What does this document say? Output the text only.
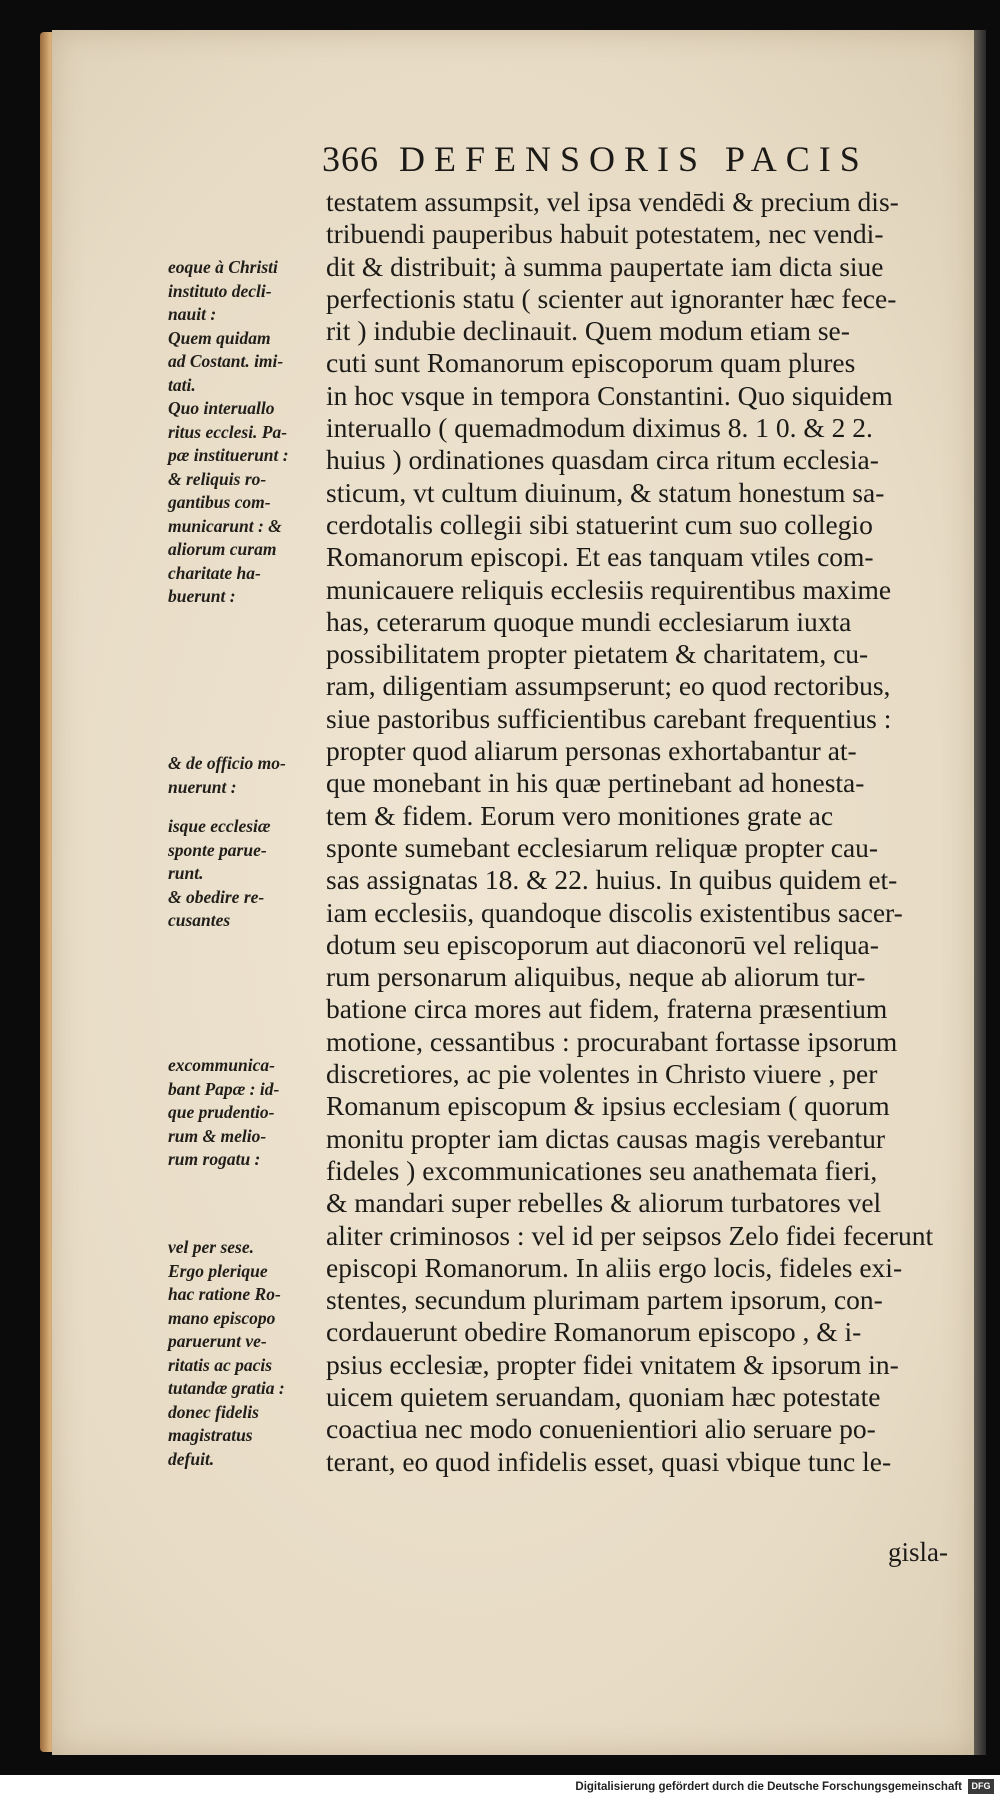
366 DEFENSORIS PACIS
testatem assumpsit, vel ipsa vendēdi & precium dis-
tribuendi pauperibus habuit potestatem, nec vendi-
dit & distribuit; à summa paupertate iam dicta siue
perfectionis statu ( scienter aut ignoranter hæc fece-
rit ) indubie declinauit. Quem modum etiam se-
cuti sunt Romanorum episcoporum quam plures
in hoc vsque in tempora Constantini. Quo siquidem
interuallo ( quemadmodum diximus 8. 1 0. & 2 2.
huius ) ordinationes quasdam circa ritum ecclesia-
sticum, vt cultum diuinum, & statum honestum sa-
cerdotalis collegii sibi statuerint cum suo collegio
Romanorum episcopi. Et eas tanquam vtiles com-
municauere reliquis ecclesiis requirentibus maxime
has, ceterarum quoque mundi ecclesiarum iuxta
possibilitatem propter pietatem & charitatem, cu-
ram, diligentiam assumpserunt; eo quod rectoribus,
siue pastoribus sufficientibus carebant frequentius :
propter quod aliarum personas exhortabantur at-
que monebant in his quæ pertinebant ad honesta-
tem & fidem. Eorum vero monitiones grate ac
sponte sumebant ecclesiarum reliquæ propter cau-
sas assignatas 18. & 22. huius. In quibus quidem et-
iam ecclesiis, quandoque discolis existentibus sacer-
dotum seu episcoporum aut diaconorū vel reliqua-
rum personarum aliquibus, neque ab aliorum tur-
batione circa mores aut fidem, fraterna præsentium
motione, cessantibus : procurabant fortasse ipsorum
discretiores, ac pie volentes in Christo viuere , per
Romanum episcopum & ipsius ecclesiam ( quorum
monitu propter iam dictas causas magis verebantur
fideles ) excommunicationes seu anathemata fieri,
& mandari super rebelles & aliorum turbatores vel
aliter criminosos : vel id per seipsos Zelo fidei fecerunt
episcopi Romanorum. In aliis ergo locis, fideles exi-
stentes, secundum plurimam partem ipsorum, con-
cordauerunt obedire Romanorum episcopo , & i-
psius ecclesiæ, propter fidei vnitatem & ipsorum in-
uicem quietem seruandam, quoniam hæc potestate
coactiua nec modo conuenientiori alio seruare po-
terant, eo quod infidelis esset, quasi vbique tunc le-
gisla-
eoque à Christi
instituto decli-
nauit :
Quem quidam
ad Costant. imi-
tati.
Quo interuallo
ritus ecclesi. Pa-
pæ instituerunt :
& reliquis ro-
gantibus com-
municarunt : &
aliorum curam
charitate ha-
buerunt :
& de officio mo-
nuerunt :
isque ecclesiæ
sponte parue-
runt.
& obedire re-
cusantes
excommunica-
bant Papæ : id-
que prudentio-
rum & melio-
rum rogatu :
vel per sese.
Ergo plerique
hac ratione Ro-
mano episcopo
paruerunt ve-
ritatis ac pacis
tutandæ gratia :
donec fidelis
magistratus
defuit.
Digitalisierung gefördert durch die Deutsche Forschungsgemeinschaft	DFG
